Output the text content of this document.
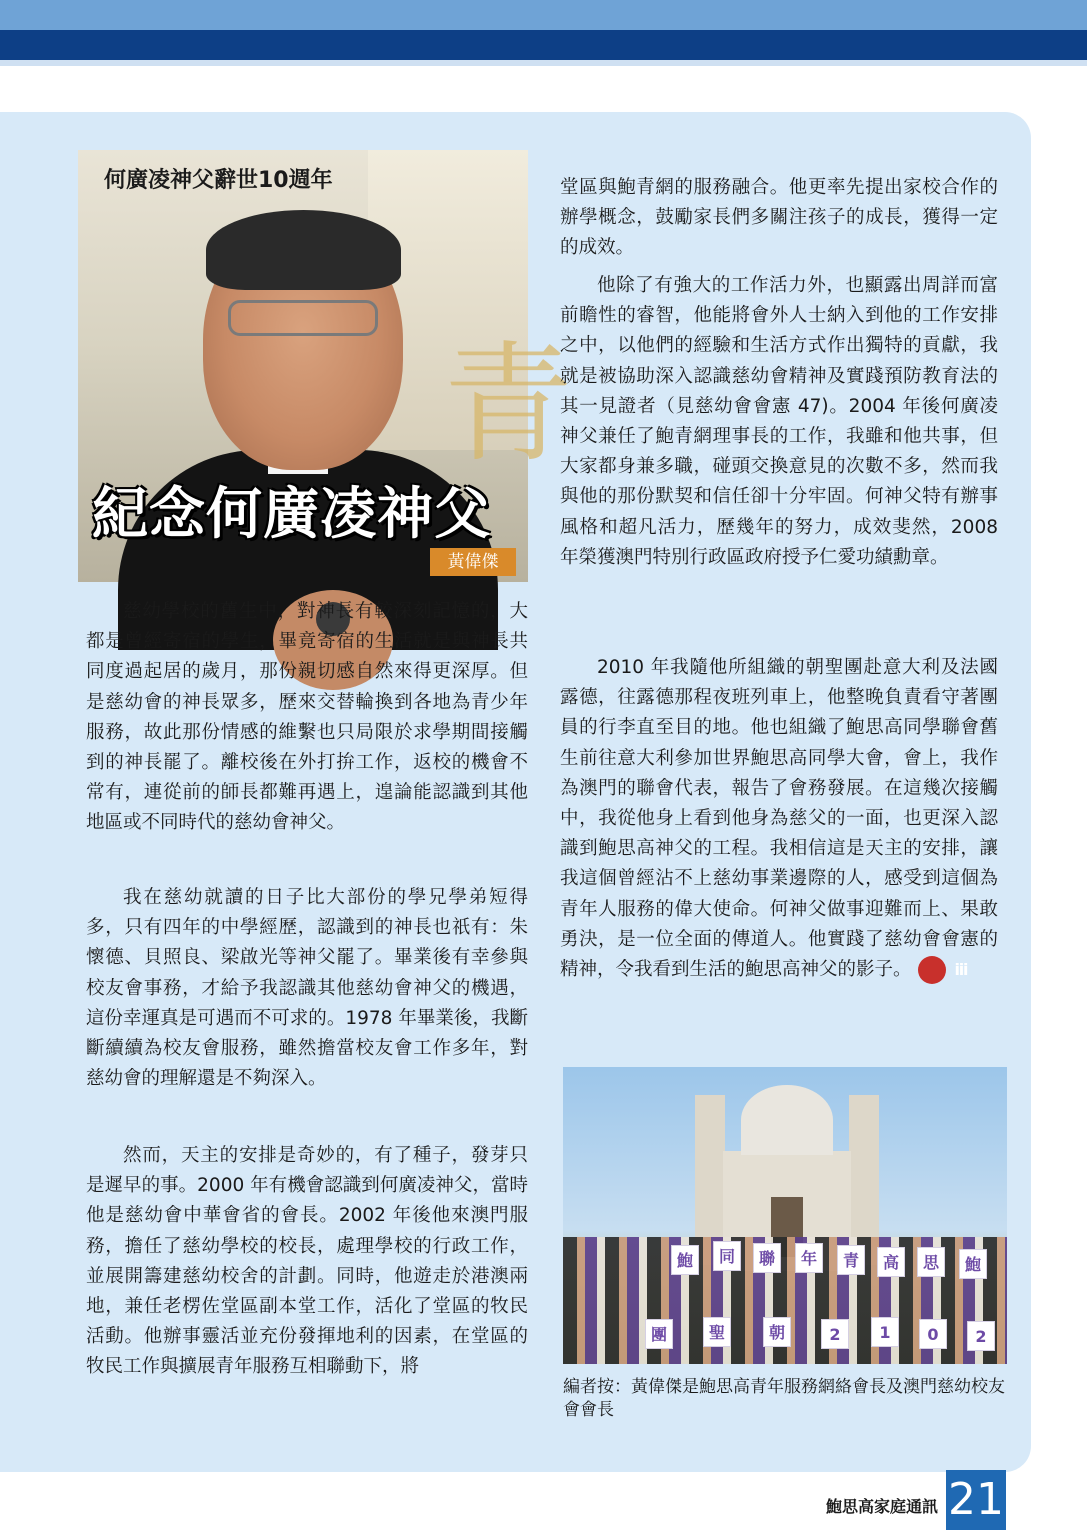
青
何廣凌神父辭世10週年
紀念何廣凌神父
黃偉傑

慈幼學校的舊生中，對神長有較深刻記憶的，大都是曾經寄宿的學生，畢竟寄宿的生活就是與神長共同度過起居的歲月，那份親切感自然來得更深厚。但是慈幼會的神長眾多，歷來交替輪換到各地為青少年服務，故此那份情感的維繫也只局限於求學期間接觸到的神長罷了。離校後在外打拚工作，返校的機會不常有，連從前的師長都難再遇上，遑論能認識到其他地區或不同時代的慈幼會神父。

我在慈幼就讀的日子比大部份的學兄學弟短得多，只有四年的中學經歷，認識到的神長也祇有：朱懷德、貝照良、梁啟光等神父罷了。畢業後有幸參與校友會事務，才給予我認識其他慈幼會神父的機遇，這份幸運真是可遇而不可求的。1978 年畢業後，我斷斷續續為校友會服務，雖然擔當校友會工作多年，對慈幼會的理解還是不夠深入。

然而，天主的安排是奇妙的，有了種子，發芽只是遲早的事。2000 年有機會認識到何廣凌神父，當時他是慈幼會中華會省的會長。2002 年後他來澳門服務，擔任了慈幼學校的校長，處理學校的行政工作，並展開籌建慈幼校舍的計劃。同時，他遊走於港澳兩地，兼任老楞佐堂區副本堂工作，活化了堂區的牧民活動。他辦事靈活並充份發揮地利的因素，在堂區的牧民工作與擴展青年服務互相聯動下，將

堂區與鮑青網的服務融合。他更率先提出家校合作的辦學概念，鼓勵家長們多關注孩子的成長，獲得一定的成效。

他除了有強大的工作活力外，也顯露出周詳而富前瞻性的睿智，他能將會外人士納入到他的工作安排之中，以他們的經驗和生活方式作出獨特的貢獻，我就是被協助深入認識慈幼會精神及實踐預防教育法的其一見證者（見慈幼會會憲 47)。2004 年後何廣凌神父兼任了鮑青網理事長的工作，我雖和他共事，但大家都身兼多職，碰頭交換意見的次數不多，然而我與他的那份默契和信任卻十分牢固。何神父特有辦事風格和超凡活力，歷幾年的努力，成效斐然，2008 年榮獲澳門特別行政區政府授予仁愛功績勳章。

2010 年我隨他所組織的朝聖團赴意大利及法國露德，往露德那程夜班列車上，他整晚負責看守著團員的行李直至目的地。他也組織了鮑思高同學聯會舊生前往意大利參加世界鮑思高同學大會，會上，我作為澳門的聯會代表，報告了會務發展。在這幾次接觸中，我從他身上看到他身為慈父的一面，也更深入認識到鮑思高神父的工程。我相信這是天主的安排，讓我這個曾經沾不上慈幼事業邊際的人，感受到這個為青年人服務的偉大使命。何神父做事迎難而上、果敢勇決，是一位全面的傳道人。他實踐了慈幼會會憲的精神，令我看到生活的鮑思高神父的影子。	ⅲ

鮑	同	聯	年	青	高	思	鮑
團	聖	朝	2	1	0	2
編者按：黃偉傑是鮑思高青年服務網絡會長及澳門慈幼校友會會長
鮑思高家庭通訊 21
